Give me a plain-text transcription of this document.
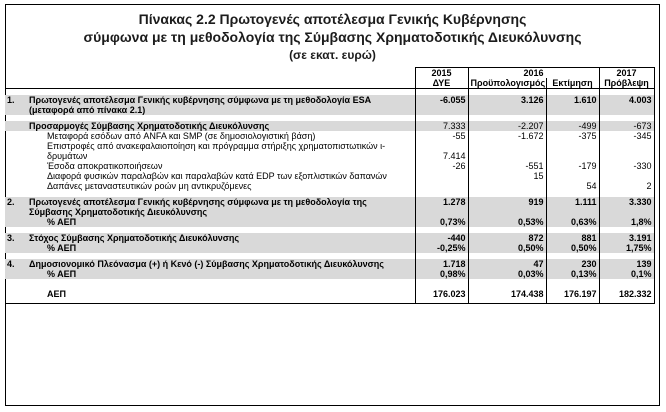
Πίνακας 2.2 Πρωτογενές αποτέλεσμα Γενικής Κυβέρνησης
σύμφωνα με τη μεθοδολογία της Σύμβασης Χρηματοδοτικής Διευκόλυνσης
(σε εκατ. ευρώ)
		2015	2016		2017
		ΔΥΕ	Προϋπολογισμός	Εκτίμηση	Πρόβλεψη

1.	Πρωτογενές αποτέλεσμα Γενικής κυβέρνησης σύμφωνα με τη μεθοδολογία ESA	-6.055	3.126	1.610	4.003
	(μεταφορά από πίνακα 2.1)				

	Προσαρμογές Σύμβασης Χρηματοδοτικής Διευκόλυνσης	7.333	-2.207	-499	-673
	Μεταφορά εσόδων από ANFA και SMP (σε δημοσιολογιστική βάση)	-55	-1.672	-375	-345
	Επιστροφές από ανακεφαλαιοποίηση και πρόγραμμα στήριξης χρηματοπιστωτικών ι-				
	δρυμάτων	7.414			
	Έσοδα αποκρατικοποιήσεων	-26	-551	-179	-330
	Διαφορά φυσικών παραλαβών και παραλαβών κατά EDP των εξοπλιστικών δαπανών		15		
	Δαπάνες μεταναστευτικών ροών μη αντικρυζόμενες			54	2

2.	Πρωτογενές αποτέλεσμα Γενικής κυβέρνησης σύμφωνα με τη μεθοδολογία της	1.278	919	1.111	3.330
	Σύμβασης Χρηματοδοτικής Διευκόλυνσης				
	% ΑΕΠ	0,73%	0,53%	0,63%	1,8%

3.	Στόχος Σύμβασης Χρηματοδοτικής Διευκόλυνσης	-440	872	881	3.191
	% ΑΕΠ	-0,25%	0,50%	0,50%	1,75%

4.	Δημοσιονομικό Πλεόνασμα (+) ή Κενό (-) Σύμβασης Χρηματοδοτικής Διευκόλυνσης	1.718	47	230	139
	% ΑΕΠ	0,98%	0,03%	0,13%	0,1%

	ΑΕΠ	176.023	174.438	176.197	182.332
